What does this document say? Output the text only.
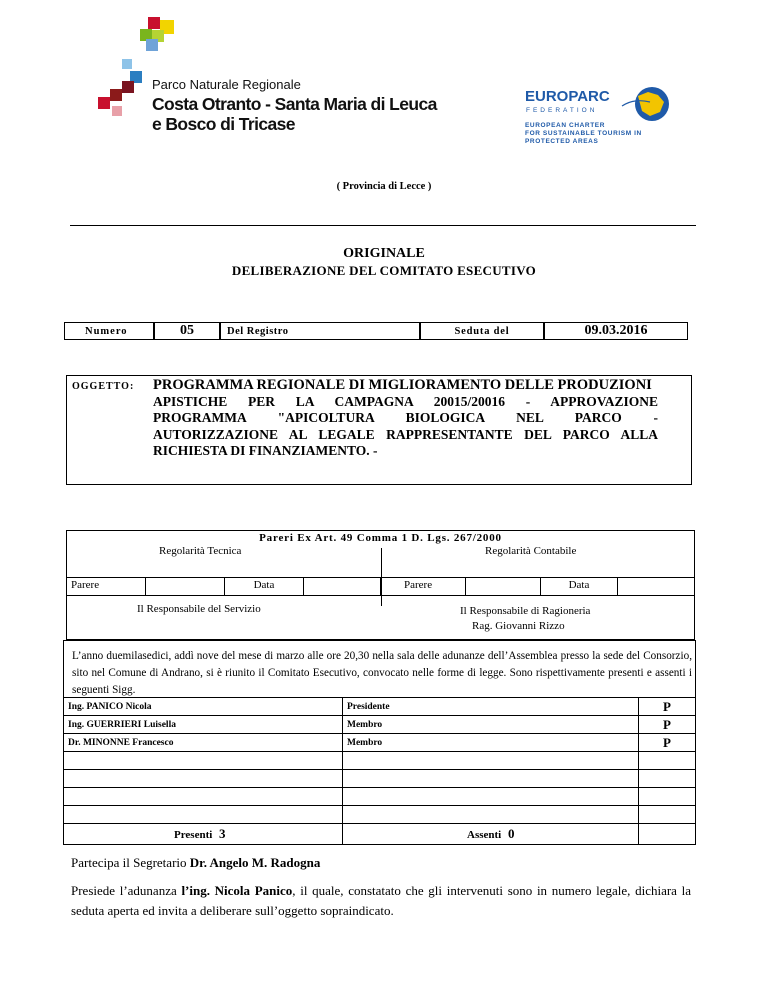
Parco Naturale Regionale
Costa Otranto - Santa Maria di Leuca
e Bosco di Tricase
EUROPARC
FEDERATION
EUROPEAN CHARTER
FOR SUSTAINABLE TOURISM IN
PROTECTED AREAS
( Provincia di Lecce )
ORIGINALE
DELIBERAZIONE DEL COMITATO ESECUTIVO
Numero	05	Del Registro	Seduta del	09.03.2016
OGGETTO: PROGRAMMA REGIONALE DI MIGLIORAMENTO DELLE PRODUZIONI
APISTICHE PER LA CAMPAGNA 20015/20016 - APPROVAZIONE
PROGRAMMA "APICOLTURA BIOLOGICA NEL PARCO -
AUTORIZZAZIONE AL LEGALE RAPPRESENTANTE DEL PARCO ALLA
RICHIESTA DI FINANZIAMENTO. -
Pareri Ex Art. 49 Comma 1 D. Lgs. 267/2000
Regolarità Tecnica	Regolarità Contabile
Parere	Data	Parere	Data
Il Responsabile del Servizio	Il Responsabile di Ragioneria
Rag. Giovanni Rizzo
L’anno duemilasedici, addì nove del mese di marzo alle ore 20,30 nella sala delle adunanze dell’Assemblea presso la sede del Consorzio, sito nel Comune di Andrano, si è riunito il Comitato Esecutivo, convocato nelle forme di legge. Sono rispettivamente presenti e assenti i seguenti Sigg.
Ing. PANICO Nicola	Presidente	P
Ing. GUERRIERI Luisella	Membro	P
Dr. MINONNE Francesco	Membro	P

Presenti 3	Assenti 0	
Partecipa il Segretario Dr. Angelo M. Radogna
Presiede l’adunanza l’ing. Nicola Panico, il quale, constatato che gli intervenuti sono in numero legale, dichiara la seduta aperta ed invita a deliberare sull’oggetto sopraindicato.
